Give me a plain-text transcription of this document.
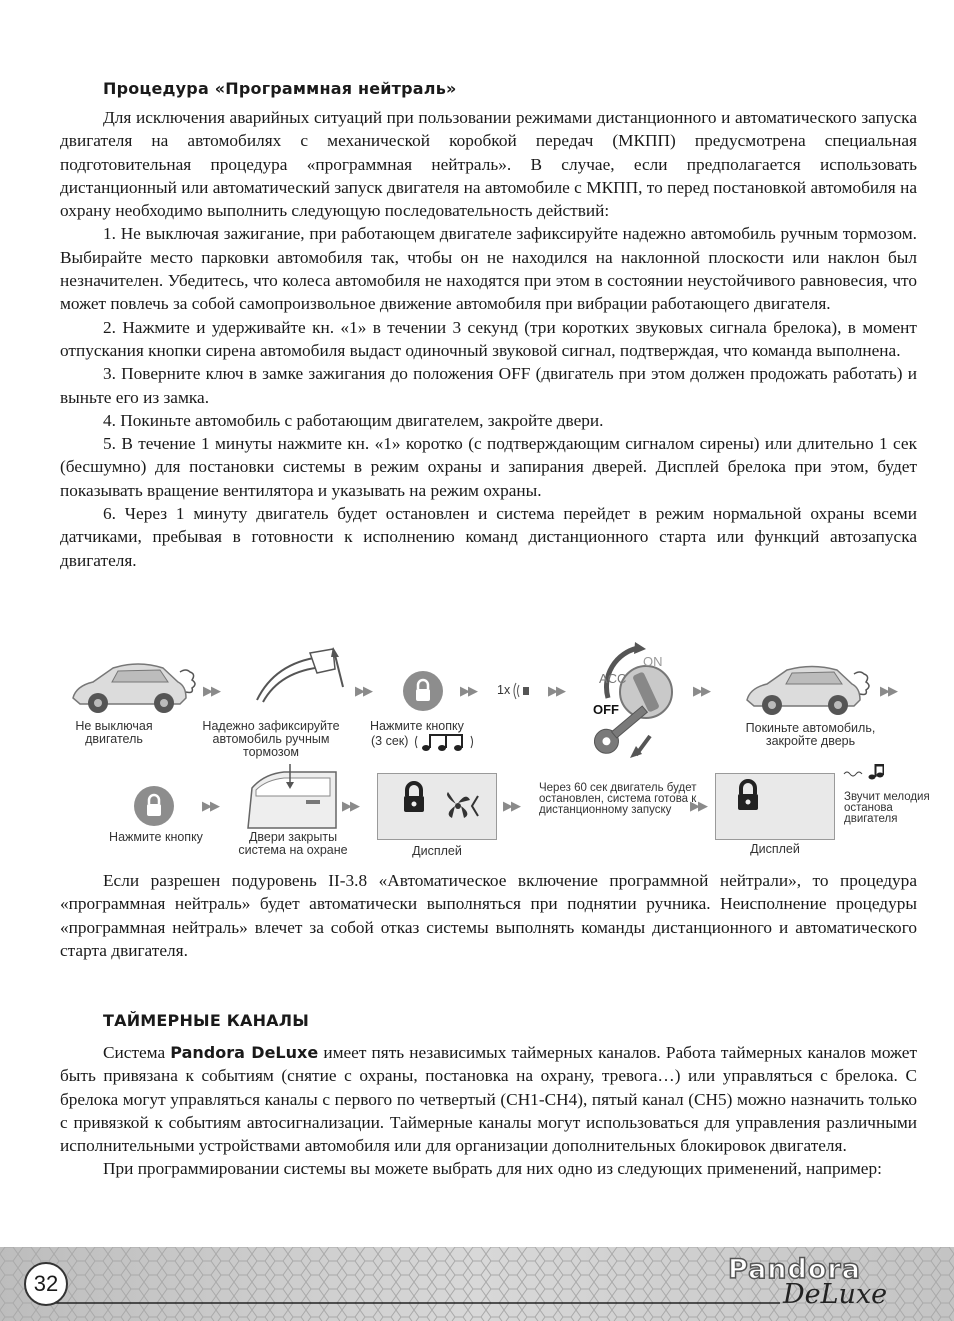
Процедура «Программная нейтраль»

Для исключения аварийных ситуаций при пользовании режимами дистанционного и автоматического запуска двигателя на автомобилях с механической коробкой передач (МКПП) предусмотрена специальная подготовительная процедура «программная нейтраль». В случае, если предполагается использовать дистанционный или автоматический запуск двигателя на автомобиле с МКПП, то перед постановкой автомобиля на охрану необходимо выполнить следующую последовательность действий:

1. Не выключая зажигание, при работающем двигателе зафиксируйте надежно автомобиль ручным тормозом. Выбирайте место парковки автомобиля так, чтобы он не находился на наклонной плоскости или наклон был незначителен. Убедитесь, что колеса автомобиля не находятся при этом в состоянии неустойчивого равновесия, что может повлечь за собой самопроизвольное движение автомобиля при вибрации работающего двигателя.

2. Нажмите и удерживайте кн. «1» в течении 3 секунд (три коротких звуковых сигнала брелока), в момент отпускания кнопки сирена автомобиля выдаст одиночный звуковой сигнал, подтверждая, что команда выполнена.

3. Поверните ключ в замке зажигания до положения OFF (двигатель при этом должен продожать работать) и выньте его из замка.

4. Покиньте автомобиль с работающим двигателем, закройте двери.

5. В течение 1 минуты нажмите кн. «1» коротко (с подтверждающим сигналом сирены) или длительно 1 сек (бесшумно) для постановки системы в режим охраны и запирания дверей. Дисплей брелока при этом, будет показывать вращение вентилятора и указывать на режим охраны.

6. Через 1 минуту двигатель будет остановлен и система перейдет в режим нормальной охраны всеми датчиками, пребывая в готовности к исполнению команд дистанционного старта или функций автозапуска двигателя.

▶▶	▶▶	▶▶ 1x	▶▶
ON
ACC
OFF
▶▶	▶▶
Не выключая двигатель
Надежно зафиксируйте автомобиль ручным тормозом
Нажмите кнопку
(3 сек)
Покиньте автомобиль, закройте дверь
▶▶	▶▶	▶▶
Через 60 сек двигатель будет остановлен, система готова к дистанционному запуску	▶▶
Звучит мелодия останова двигателя
Нажмите кнопку	Двери закрыты система на охране	Дисплей	Дисплей

Если разрешен подуровень II-3.8 «Автоматическое включение программной нейтрали», то процедура «программная нейтраль» будет автоматически выполняться при поднятии ручника. Неисполнение процедуры «программная нейтраль» влечет за собой отказ системы выполнять команды дистанционного и автоматического старта двигателя.

ТАЙМЕРНЫЕ КАНАЛЫ

Система Pandora DeLuxe имеет пять независимых таймерных каналов. Работа таймерных каналов может быть привязана к событиям (снятие с охраны, постановка на охрану, тревога…) или управляться с брелока. С брелока могут управляться каналы с первого по четвертый (CH1-CH4), пятый канал (CH5) можно назначить только с привязкой к событиям автосигнализации. Таймерные каналы могут использоваться для управления различными исполнительными устройствами автомобиля или для организации дополнительных блокировок двигателя.

При программировании системы вы можете выбрать для них одно из следующих применений, например:

32	Pandora
DeLuxe
